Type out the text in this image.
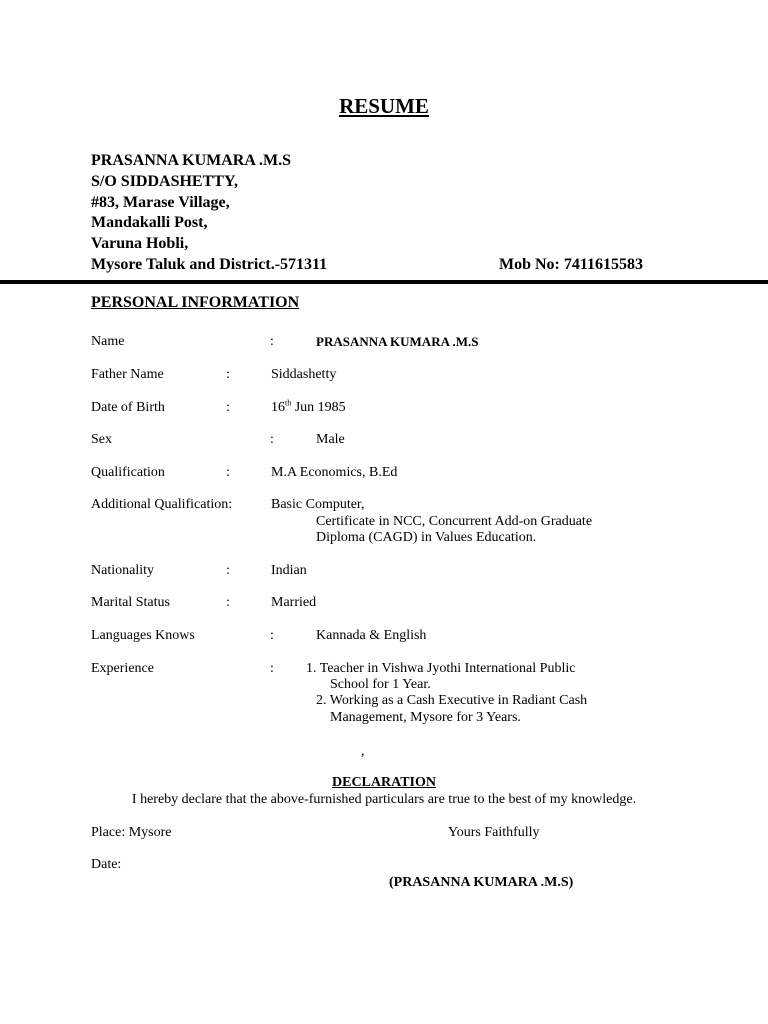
RESUME
PRASANNA KUMARA .M.S
S/O SIDDASHETTY,
#83, Marase Village,
Mandakalli Post,
Varuna Hobli,
Mysore Taluk and District.-571311	Mob No: 7411615583
PERSONAL INFORMATION
Name	:	PRASANNA KUMARA .M.S
Father Name	:	Siddashetty
Date of Birth	:	16th Jun 1985
Sex	:	Male
Qualification	:	M.A Economics, B.Ed
Additional Qualification:	Basic Computer,
Certificate in NCC, Concurrent Add-on Graduate
Diploma (CAGD) in Values Education.
Nationality	:	Indian
Marital Status	:	Married
Languages Knows	:	Kannada & English
Experience	: 1. Teacher in Vishwa Jyothi International Public
School for 1 Year.
2. Working as a Cash Executive in Radiant Cash
Management, Mysore for 3 Years.
,
DECLARATION
I hereby declare that the above-furnished particulars are true to the best of my knowledge.
Place: Mysore	Yours Faithfully
Date:
(PRASANNA KUMARA .M.S)
